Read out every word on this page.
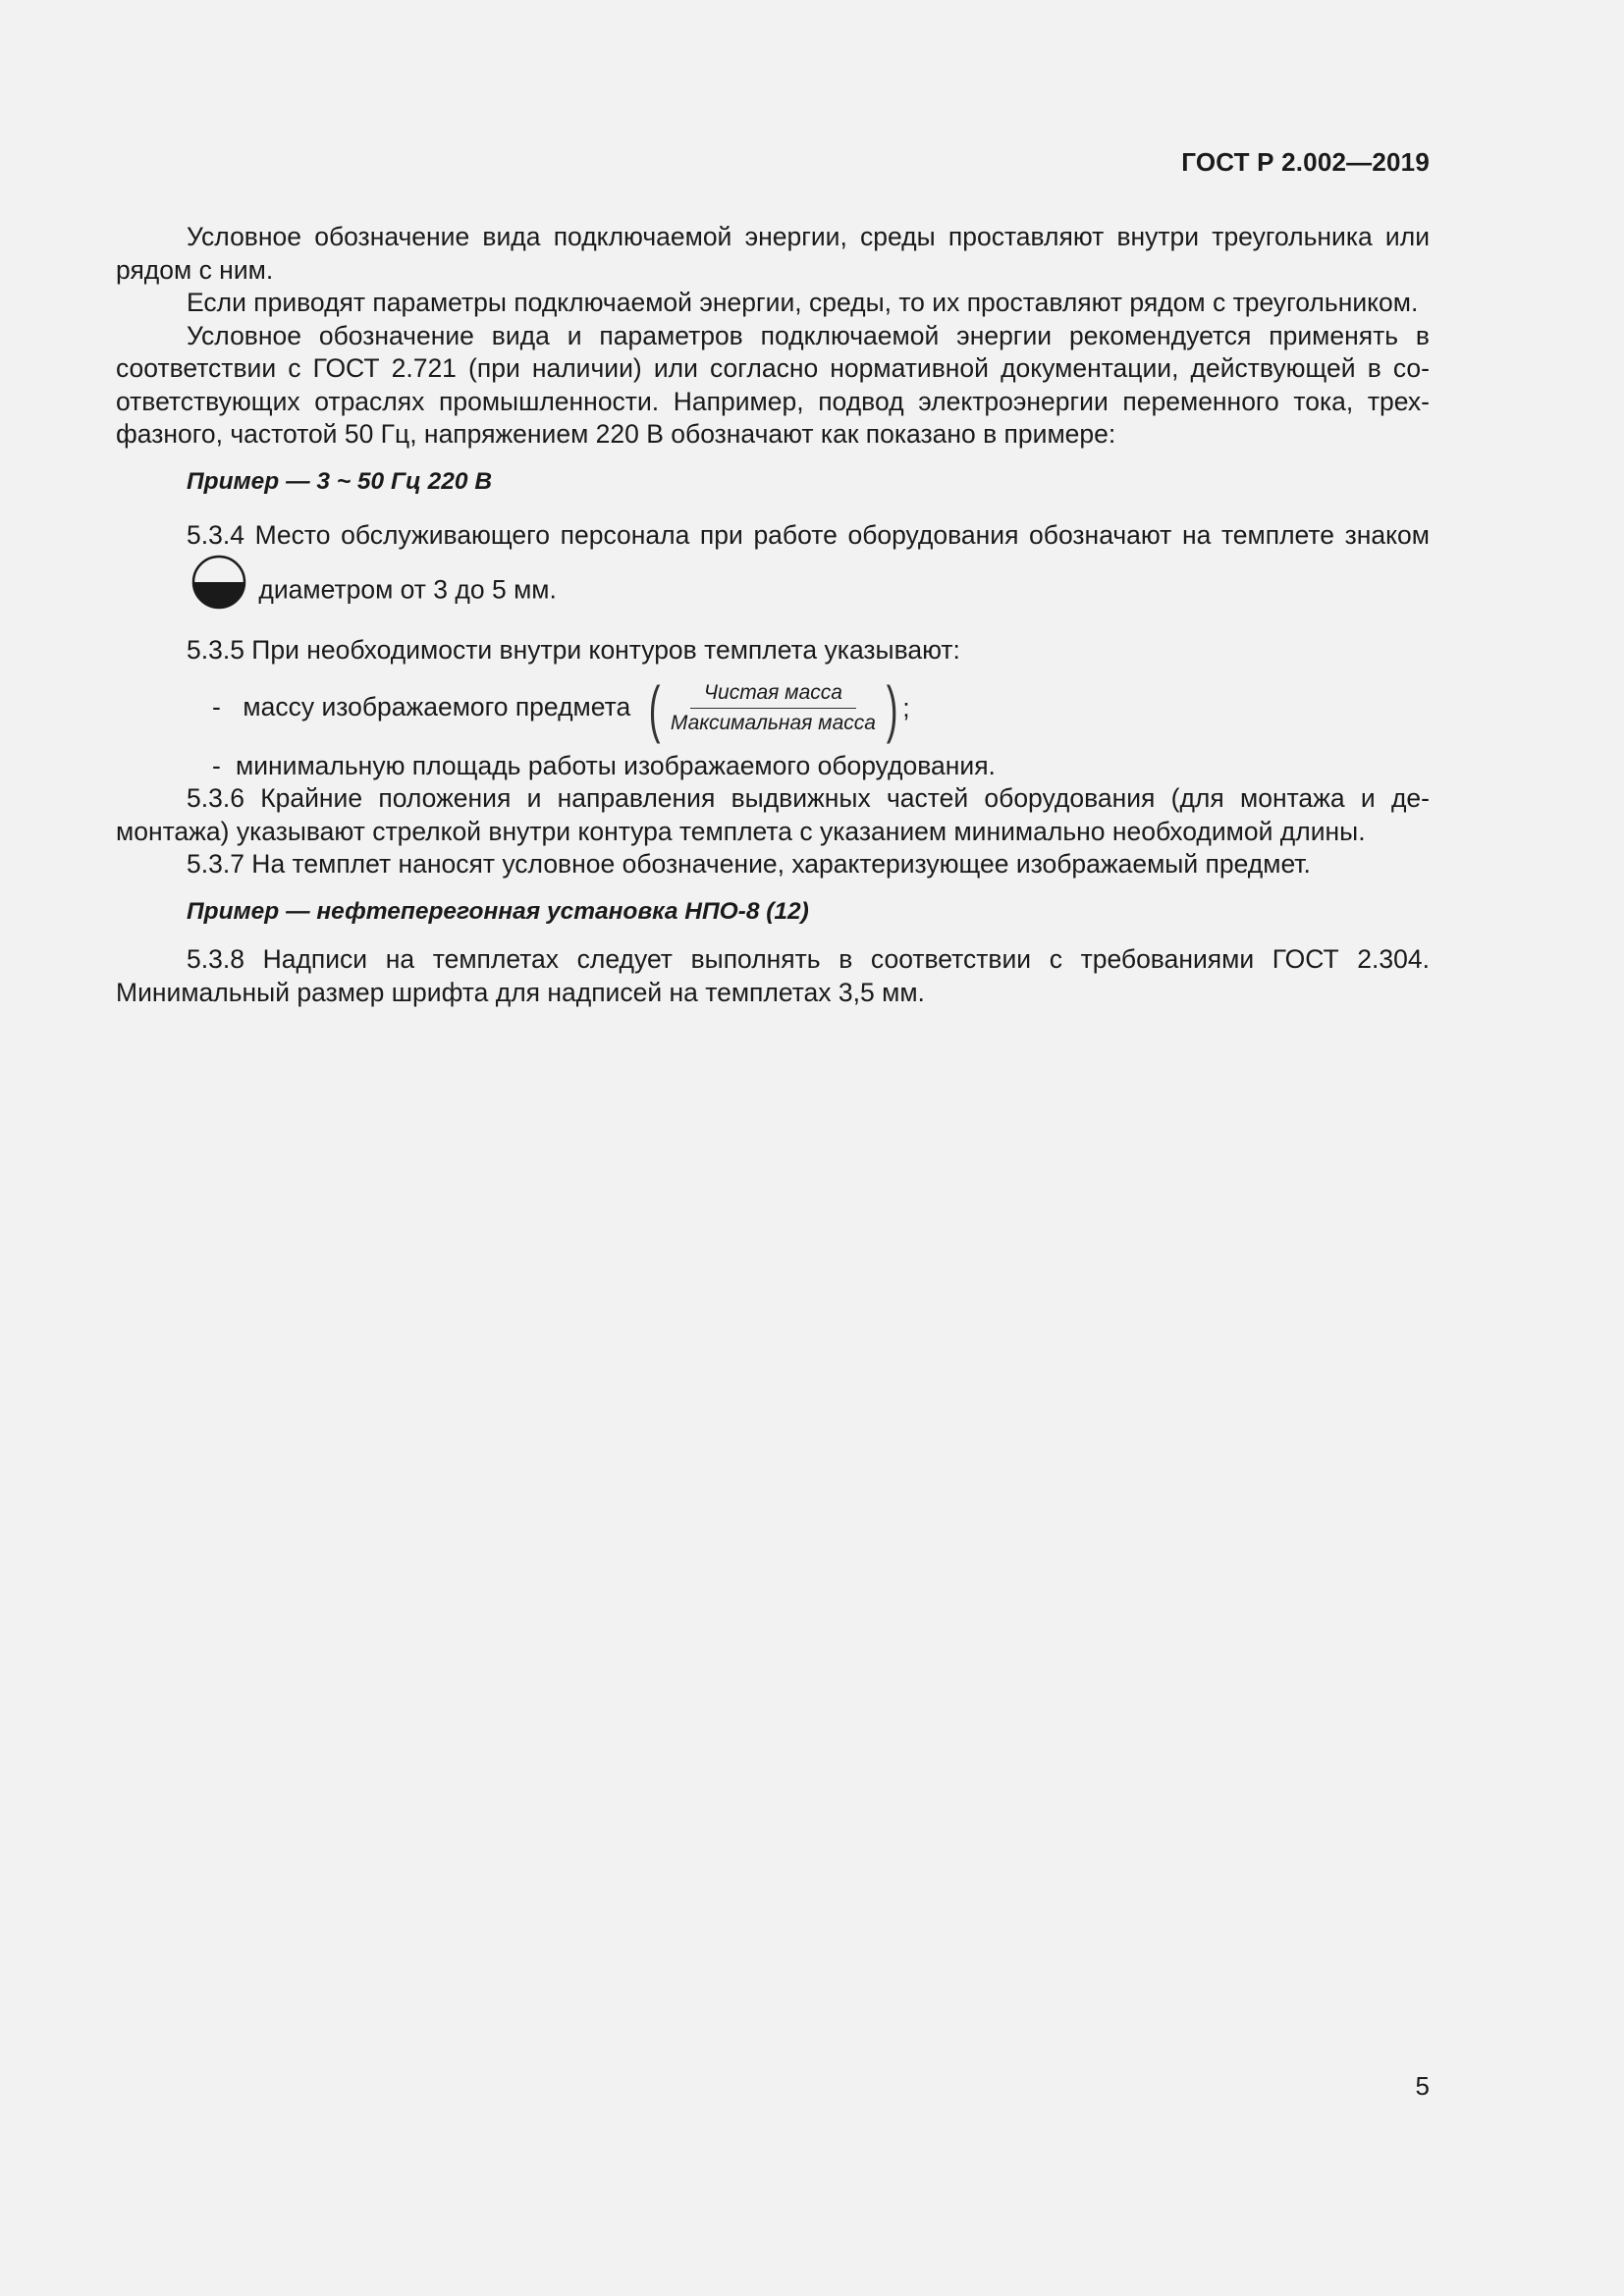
ГОСТ Р 2.002—2019

Условное обозначение вида подключаемой энергии, среды проставляют внутри треугольника или рядом с ним.

Если приводят параметры подключаемой энергии, среды, то их проставляют рядом с треугольником.

Условное обозначение вида и параметров подключаемой энергии рекомендуется применять в соответствии с ГОСТ 2.721 (при наличии) или согласно нормативной документации, действующей в соответствующих отраслях промышленности. Например, подвод электроэнергии переменного тока, трехфазного, частотой 50 Гц, напряжением 220 В обозначают как показано в примере:

Пример — 3 ~ 50 Гц 220 В

5.3.4 Место обслуживающего персонала при работе оборудования обозначают на темплете знаком  диаметром от 3 до 5 мм.

5.3.5 При необходимости внутри контуров темплета указывают:

- массу изображаемого предмета ( $\frac{\text{Чистая масса}}{\text{Максимальная масса}}$ ) ;
- минимальную площадь работы изображаемого оборудования.

5.3.6 Крайние положения и направления выдвижных частей оборудования (для монтажа и демонтажа) указывают стрелкой внутри контура темплета с указанием минимально необходимой длины.

5.3.7 На темплет наносят условное обозначение, характеризующее изображаемый предмет.

Пример — нефтеперегонная установка НПО-8 (12)

5.3.8 Надписи на темплетах следует выполнять в соответствии с требованиями ГОСТ 2.304. Минимальный размер шрифта для надписей на темплетах 3,5 мм.

5
